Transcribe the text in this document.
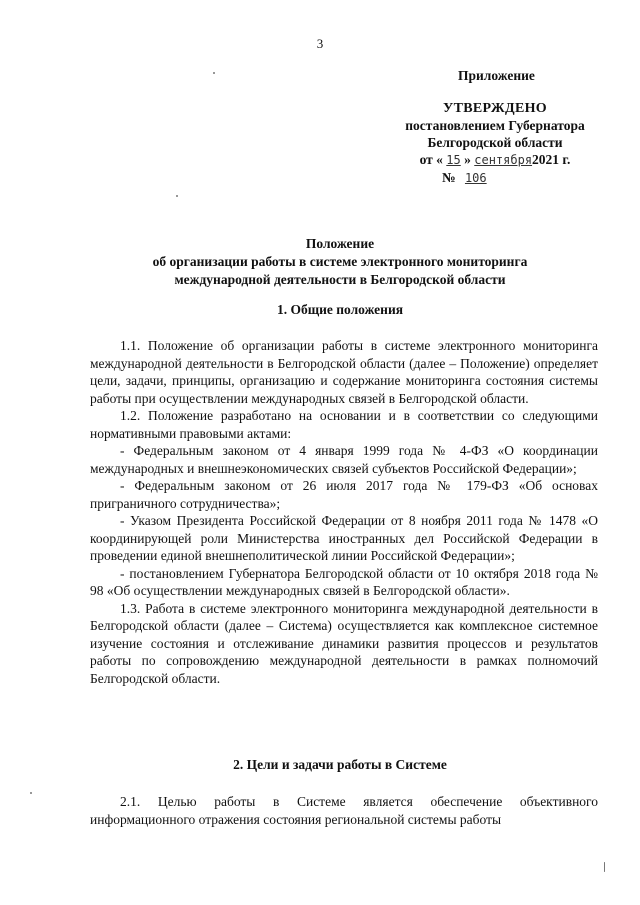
3
Приложение
УТВЕРЖДЕНО
постановлением Губернатора
Белгородской области
от « 15 » сентября2021 г.
№ 106
Положение
об организации работы в системе электронного мониторинга
международной деятельности в Белгородской области
1. Общие положения

1.1. Положение об организации работы в системе электронного мониторинга международной деятельности в Белгородской области (далее – Положение) определяет цели, задачи, принципы, организацию и содержание мониторинга состояния системы работы при осуществлении международных связей в Белгородской области.

1.2. Положение разработано на основании и в соответствии со следующими нормативными правовыми актами:

- Федеральным законом от 4 января 1999 года № 4-ФЗ «О координации международных и внешнеэкономических связей субъектов Российской Федерации»;

- Федеральным законом от 26 июля 2017 года № 179-ФЗ «Об основах приграничного сотрудничества»;

- Указом Президента Российской Федерации от 8 ноября 2011 года № 1478 «О координирующей роли Министерства иностранных дел Российской Федерации в проведении единой внешнеполитической линии Российской Федерации»;

- постановлением Губернатора Белгородской области от 10 октября 2018 года № 98 «Об осуществлении международных связей в Белгородской области».

1.3. Работа в системе электронного мониторинга международной деятельности в Белгородской области (далее – Система) осуществляется как комплексное системное изучение состояния и отслеживание динамики развития процессов и результатов работы по сопровождению международной деятельности в рамках полномочий Белгородской области.

2. Цели и задачи работы в Системе

2.1. Целью работы в Системе является обеспечение объективного информационного отражения состояния региональной системы работы
